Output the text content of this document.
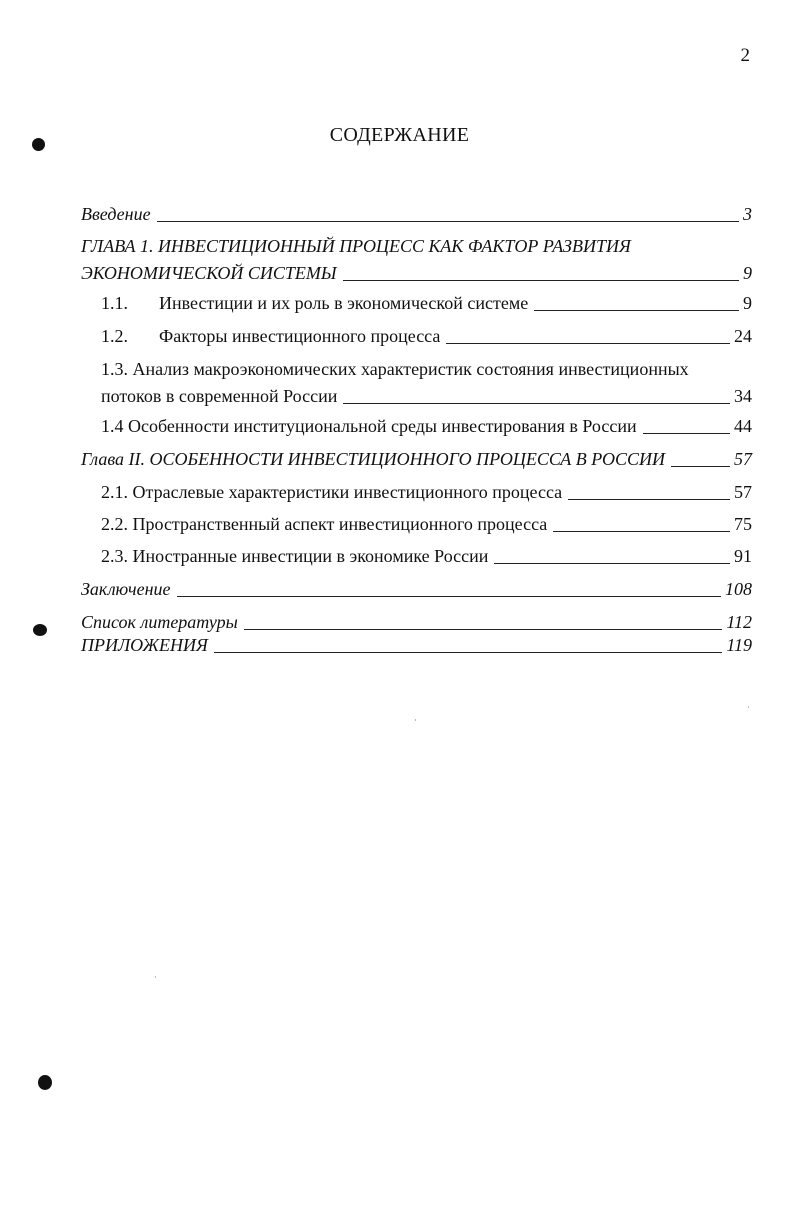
2
СОДЕРЖАНИЕ
Введение	3
ГЛАВА 1. ИНВЕСТИЦИОННЫЙ ПРОЦЕСС КАК ФАКТОР РАЗВИТИЯ
ЭКОНОМИЧЕСКОЙ СИСТЕМЫ	9
1.1. Инвестиции и их роль в экономической системе	9
1.2. Факторы инвестиционного процесса	24
1.3. Анализ макроэкономических характеристик состояния инвестиционных
потоков в современной России	34
1.4 Особенности институциональной среды инвестирования в России	44
Глава II. ОСОБЕННОСТИ ИНВЕСТИЦИОННОГО ПРОЦЕССА В РОССИИ	57
2.1. Отраслевые характеристики инвестиционного процесса	57
2.2. Пространственный аспект инвестиционного процесса	75
2.3. Иностранные инвестиции в экономике России	91
Заключение	108
Список литературы	112
ПРИЛОЖЕНИЯ	119
